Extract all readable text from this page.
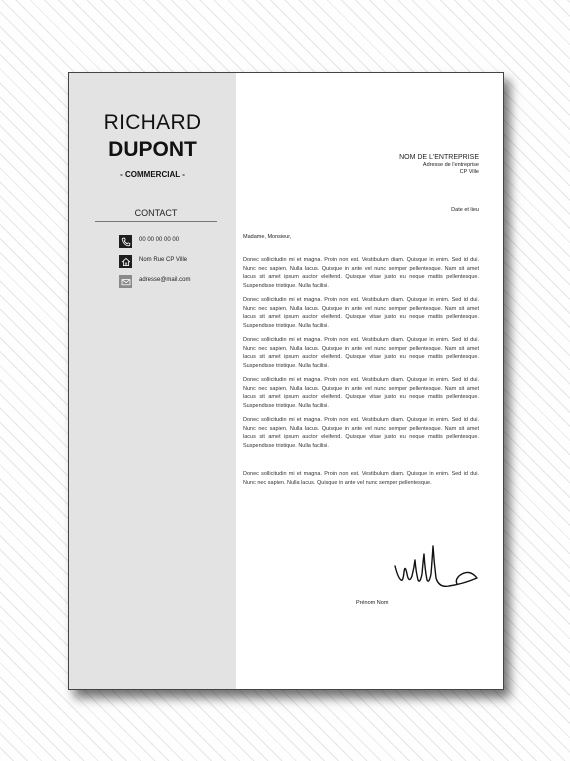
RICHARD
DUPONT
- COMMERCIAL -
CONTACT
00 00 00 00 00
Nom Rue CP Ville
adresse@mail.com
NOM DE L'ENTREPRISE
Adresse de l'entreprise
CP Ville
Date et lieu
Madame, Monsieur,
Donec sollicitudin mi et magna. Proin non est. Vestibulum diam. Quisque in enim. Sed id dui. Nunc nec sapien. Nulla lacus. Quisque in ante vel nunc semper pellentesque. Nam sit amet lacus sit amet ipsum auctor eleifend. Quisque vitae justo eu neque mattis pellentesque. Suspendisse tristique. Nulla facilisi.
Donec sollicitudin mi et magna. Proin non est. Vestibulum diam. Quisque in enim. Sed id dui. Nunc nec sapien. Nulla lacus. Quisque in ante vel nunc semper pellentesque. Nam sit amet lacus sit amet ipsum auctor eleifend. Quisque vitae justo eu neque mattis pellentesque. Suspendisse tristique. Nulla facilisi.
Donec sollicitudin mi et magna. Proin non est. Vestibulum diam. Quisque in enim. Sed id dui. Nunc nec sapien. Nulla lacus. Quisque in ante vel nunc semper pellentesque. Nam sit amet lacus sit amet ipsum auctor eleifend. Quisque vitae justo eu neque mattis pellentesque. Suspendisse tristique. Nulla facilisi.
Donec sollicitudin mi et magna. Proin non est. Vestibulum diam. Quisque in enim. Sed id dui. Nunc nec sapien. Nulla lacus. Quisque in ante vel nunc semper pellentesque. Nam sit amet lacus sit amet ipsum auctor eleifend. Quisque vitae justo eu neque mattis pellentesque. Suspendisse tristique. Nulla facilisi.
Donec sollicitudin mi et magna. Proin non est. Vestibulum diam. Quisque in enim. Sed id dui. Nunc nec sapien. Nulla lacus. Quisque in ante vel nunc semper pellentesque. Nam sit amet lacus sit amet ipsum auctor eleifend. Quisque vitae justo eu neque mattis pellentesque. Suspendisse tristique. Nulla facilisi.
Donec sollicitudin mi et magna. Proin non est. Vestibulum diam. Quisque in enim. Sed id dui. Nunc nec sapien. Nulla lacus. Quisque in ante vel nunc semper pellentesque.
Prénom Nom
